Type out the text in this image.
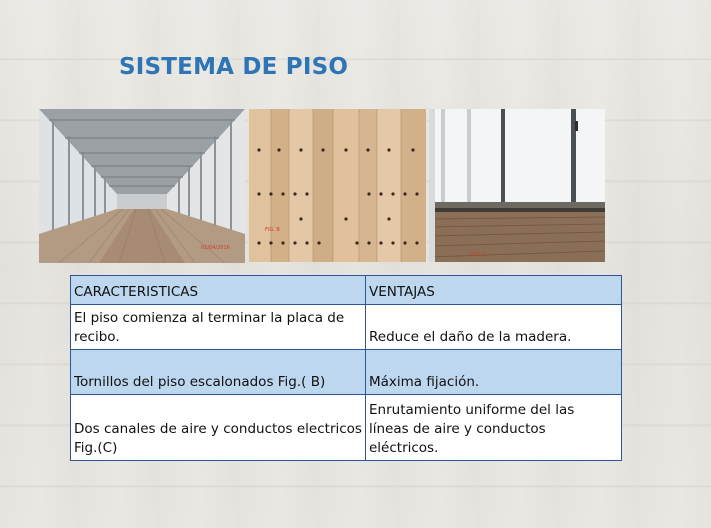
SISTEMA DE PISO
02/04/2016
FIG. B
FIG. C
CARACTERISTICAS	VENTAJAS
El piso comienza al terminar la placa de recibo.	Reduce el daño de la madera.
Tornillos del piso escalonados Fig.( B)	Máxima fijación.
Dos canales de aire y conductos electricos Fig.(C)	Enrutamiento uniforme del las líneas de aire y conductos eléctricos.
